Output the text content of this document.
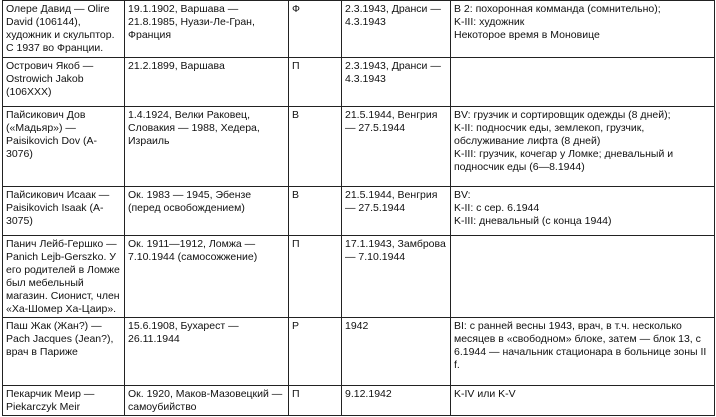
Олере Давид — Olire David (106144), художник и скульптор. С 1937 во Франции.	19.1.1902, Варшава — 21.8.1985, Нуази-Ле-Гран, Франция	Ф	2.3.1943, Дранси — 4.3.1943	B 2: похоронная комманда (сомнительно);
K-III: художник
Некоторое время в Моновице
Острович Якоб — Ostrowich Jakob (106XXX)	21.2.1899, Варшава	П	2.3.1943, Дранси — 4.3.1943	
Пайсикович Дов («Мадьяр») — Paisikovich Dov (A-3076)	1.4.1924, Велки Раковец, Словакия — 1988, Хедера, Израиль	В	21.5.1944, Венгрия — 27.5.1944	BV: грузчик и сортировщик одежды (8 дней);
K-II: подносчик еды, землекоп, грузчик, обслуживание лифта (8 дней)
K-III: грузчик, кочегар у Ломке; дневальный и подносчик еды (6—8.1944)
Пайсикович Исаак — Paisikovich Isaak (A-3075)	Ок. 1983 — 1945, Эбензе (перед освобождением)	В	21.5.1944, Венгрия — 27.5.1944	BV:
K-II: с сер. 6.1944
K-III: дневальный (с конца 1944)
Панич Лейб-Гершко — Panich Lejb-Gerszko. У его родителей в Ломже был мебельный магазин. Сионист, член «Ха-Шомер Ха-Цаир».	Ок. 1911—1912, Ломжа — 7.10.1944 (самосожжение)	П	17.1.1943, Замброва — 7.10.1944	
Паш Жак (Жан?) — Pach Jacques (Jean?), врач в Париже	15.6.1908, Бухарест — 26.11.1944	Р	1942	BI: с ранней весны 1943, врач, в т.ч. несколько месяцев в «свободном» блоке, затем — блок 13, с 6.1944 — начальник стационара в больнице зоны II f.
Пекарчик Меир — Piekarczyk Meir	Ок. 1920, Маков-Мазовецкий — самоубийство	П	9.12.1942	K-IV или K-V
